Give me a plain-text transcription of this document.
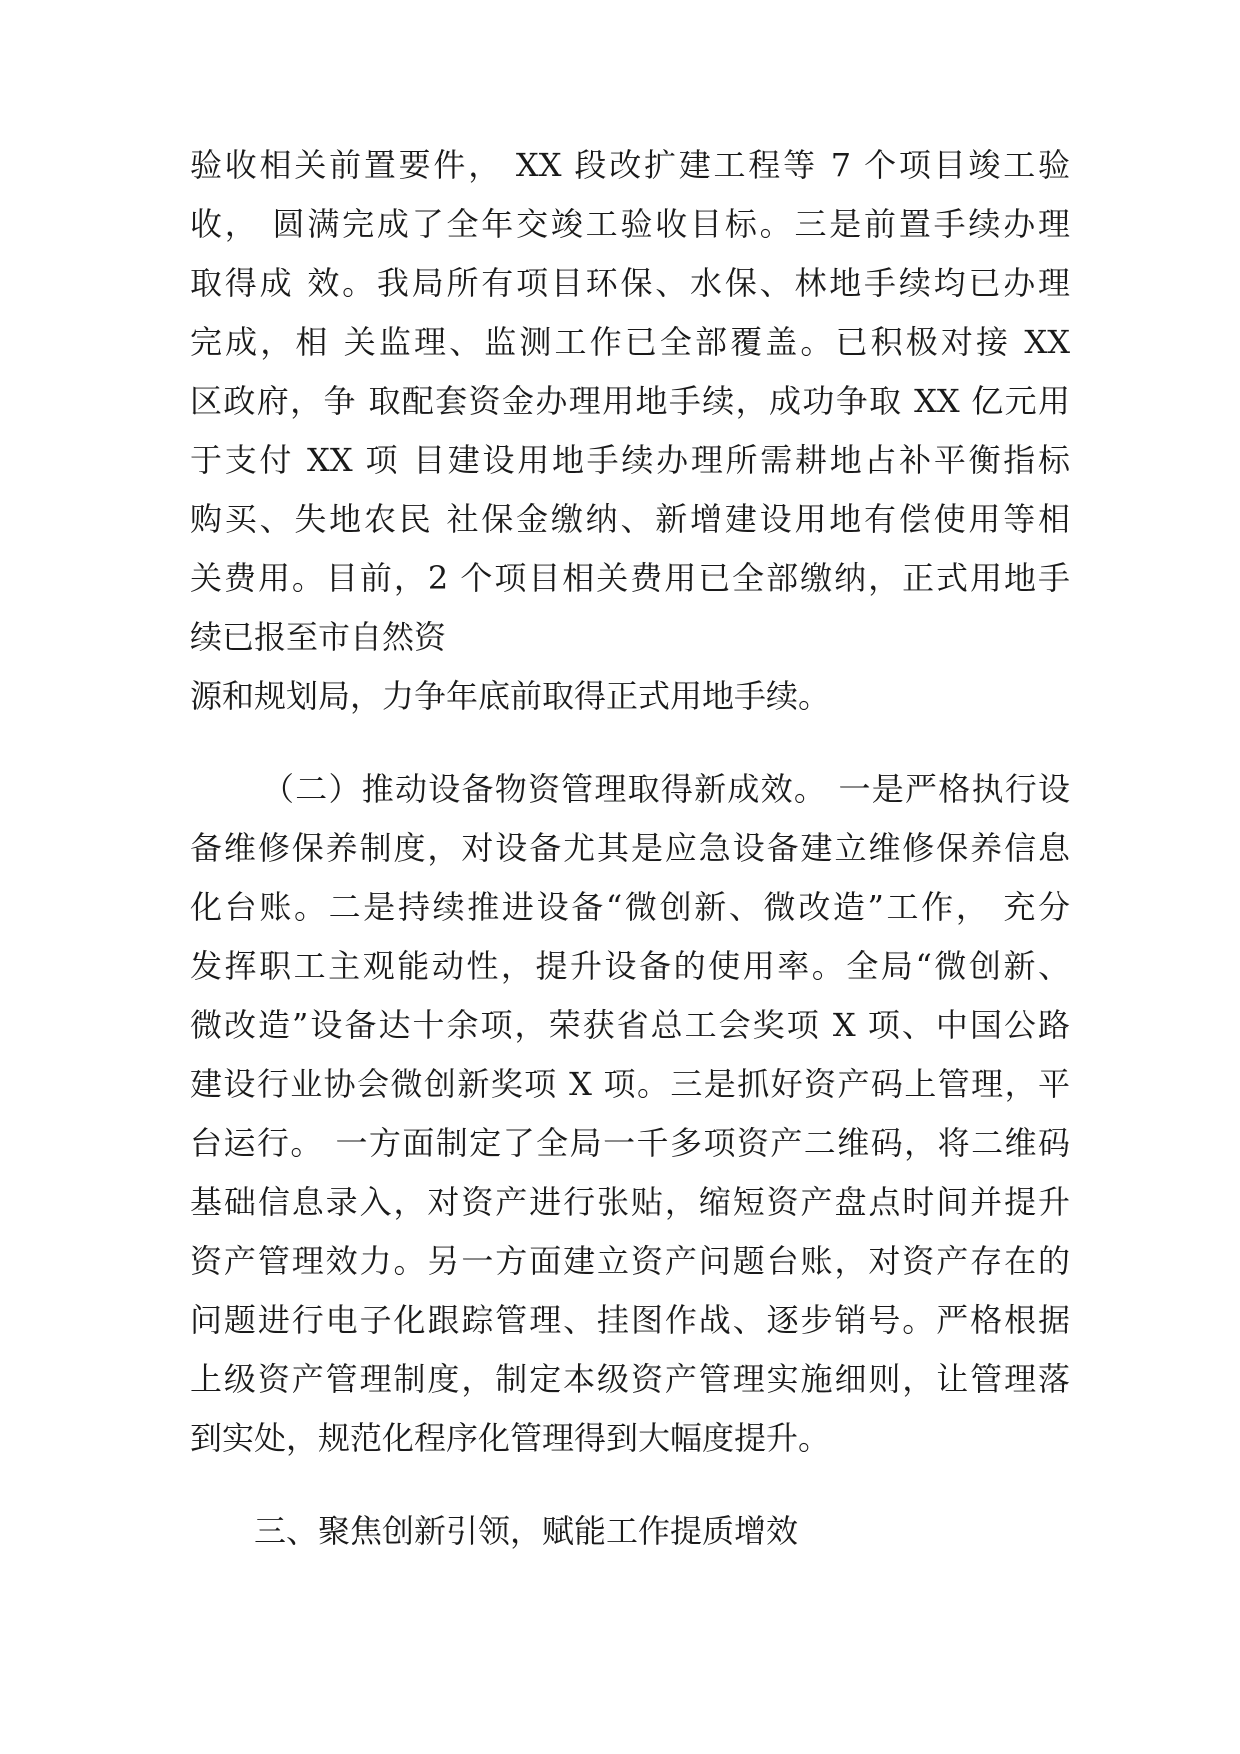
验收相关前置要件， XX 段改扩建工程等 7 个项目竣工验
收， 圆满完成了全年交竣工验收目标。三是前置手续办理
取得成 效。我局所有项目环保、水保、林地手续均已办理
完成，相 关监理、监测工作已全部覆盖。已积极对接 XX
区政府，争 取配套资金办理用地手续，成功争取 XX 亿元用
于支付 XX 项 目建设用地手续办理所需耕地占补平衡指标
购买、失地农民 社保金缴纳、新增建设用地有偿使用等相
关费用。目前，2 个项目相关费用已全部缴纳，正式用地手
续已报至市自然资
源和规划局，力争年底前取得正式用地手续。
（二）推动设备物资管理取得新成效。 一是严格执行设
备维修保养制度，对设备尤其是应急设备建立维修保养信息
化台账。二是持续推进设备“微创新、微改造”工作， 充分
发挥职工主观能动性，提升设备的使用率。全局“微创新、
微改造”设备达十余项，荣获省总工会奖项 X 项、中国公路
建设行业协会微创新奖项 X 项。三是抓好资产码上管理，平
台运行。 一方面制定了全局一千多项资产二维码，将二维码
基础信息录入，对资产进行张贴，缩短资产盘点时间并提升
资产管理效力。另一方面建立资产问题台账，对资产存在的
问题进行电子化跟踪管理、挂图作战、逐步销号。严格根据
上级资产管理制度，制定本级资产管理实施细则，让管理落
到实处，规范化程序化管理得到大幅度提升。
三、聚焦创新引领，赋能工作提质增效
